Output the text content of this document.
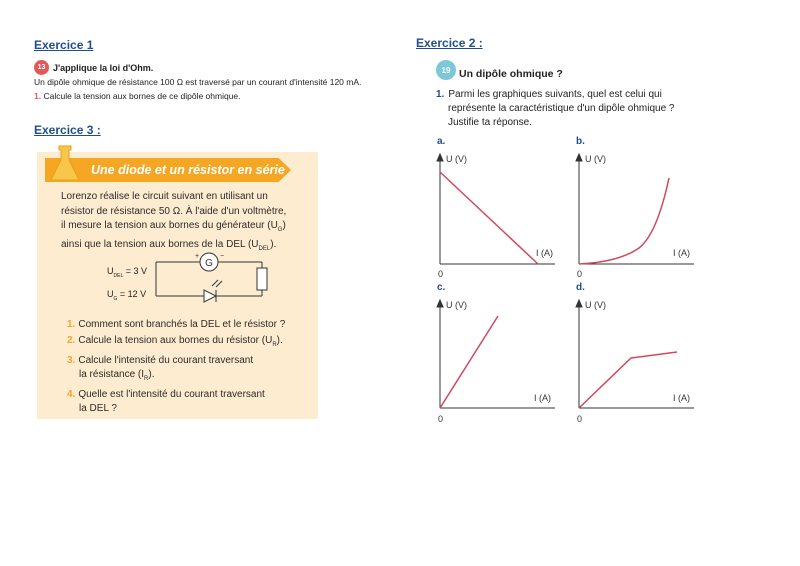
Exercice 1
13 J'applique la loi d'Ohm.
Un dipôle ohmique de résistance 100 Ω est traversé par un courant d'intensité 120 mA.
1. Calcule la tension aux bornes de ce dipôle ohmique.
Exercice 3 :
Une diode et un résistor en série
Lorenzo réalise le circuit suivant en utilisant un
résistor de résistance 50 Ω. À l'aide d'un voltmètre,
il mesure la tension aux bornes du générateur $(U_G)$
ainsi que la tension aux bornes de la DEL $(U_{DEL})$.
$U_{DEL} = 3$ V
$U_G = 12$ V
G
+	−
1. Comment sont branchés la DEL et le résistor ?
2. Calcule la tension aux bornes du résistor $(U_R)$.
3. Calcule l'intensité du courant traversant
la résistance $(I_R)$.
4. Quelle est l'intensité du courant traversant
la DEL ?
Exercice 2 :
19 Un dipôle ohmique ?
1. Parmi les graphiques suivants, quel est celui qui
représente la caractéristique d'un dipôle ohmique ?
Justifie ta réponse.
a.	b.
c.	d.
U (V)
I (A)
0
U (V)
I (A)
0
U (V)
I (A)
0
U (V)
I (A)
0
